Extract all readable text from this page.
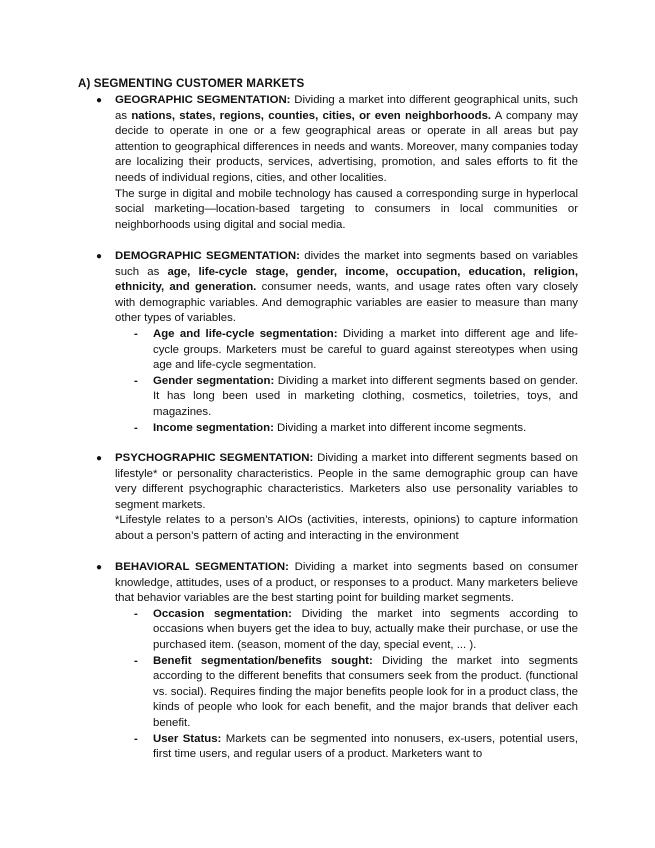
A) SEGMENTING CUSTOMER MARKETS
●	GEOGRAPHIC SEGMENTATION: Dividing a market into different geographical units, such as nations, states, regions, counties, cities, or even neighborhoods. A company may decide to operate in one or a few geographical areas or operate in all areas but pay attention to geographical differences in needs and wants. Moreover, many companies today are localizing their products, services, advertising, promotion, and sales efforts to fit the needs of individual regions, cities, and other localities.

The surge in digital and mobile technology has caused a corresponding surge in hyperlocal social marketing—location-based targeting to consumers in local communities or neighborhoods using digital and social media.

●	DEMOGRAPHIC SEGMENTATION: divides the market into segments based on variables such as age, life-cycle stage, gender, income, occupation, education, religion, ethnicity, and generation. consumer needs, wants, and usage rates often vary closely with demographic variables. And demographic variables are easier to measure than many other types of variables.

- Age and life-cycle segmentation: Dividing a market into different age and life-cycle groups. Marketers must be careful to guard against stereotypes when using age and life-cycle segmentation.
- Gender segmentation: Dividing a market into different segments based on gender. It has long been used in marketing clothing, cosmetics, toiletries, toys, and magazines.
- Income segmentation: Dividing a market into different income segments.
●	PSYCHOGRAPHIC SEGMENTATION: Dividing a market into different segments based on lifestyle* or personality characteristics. People in the same demographic group can have very different psychographic characteristics. Marketers also use personality variables to segment markets.

*Lifestyle relates to a person’s AIOs (activities, interests, opinions) to capture information about a person’s pattern of acting and interacting in the environment

●	BEHAVIORAL SEGMENTATION: Dividing a market into segments based on consumer knowledge, attitudes, uses of a product, or responses to a product. Many marketers believe that behavior variables are the best starting point for building market segments.

- Occasion segmentation: Dividing the market into segments according to occasions when buyers get the idea to buy, actually make their purchase, or use the purchased item. (season, moment of the day, special event, ... ).
- Benefit segmentation/benefits sought: Dividing the market into segments according to the different benefits that consumers seek from the product. (functional vs. social). Requires finding the major benefits people look for in a product class, the kinds of people who look for each benefit, and the major brands that deliver each benefit.
- User Status: Markets can be segmented into nonusers, ex-users, potential users, first time users, and regular users of a product. Marketers want to
